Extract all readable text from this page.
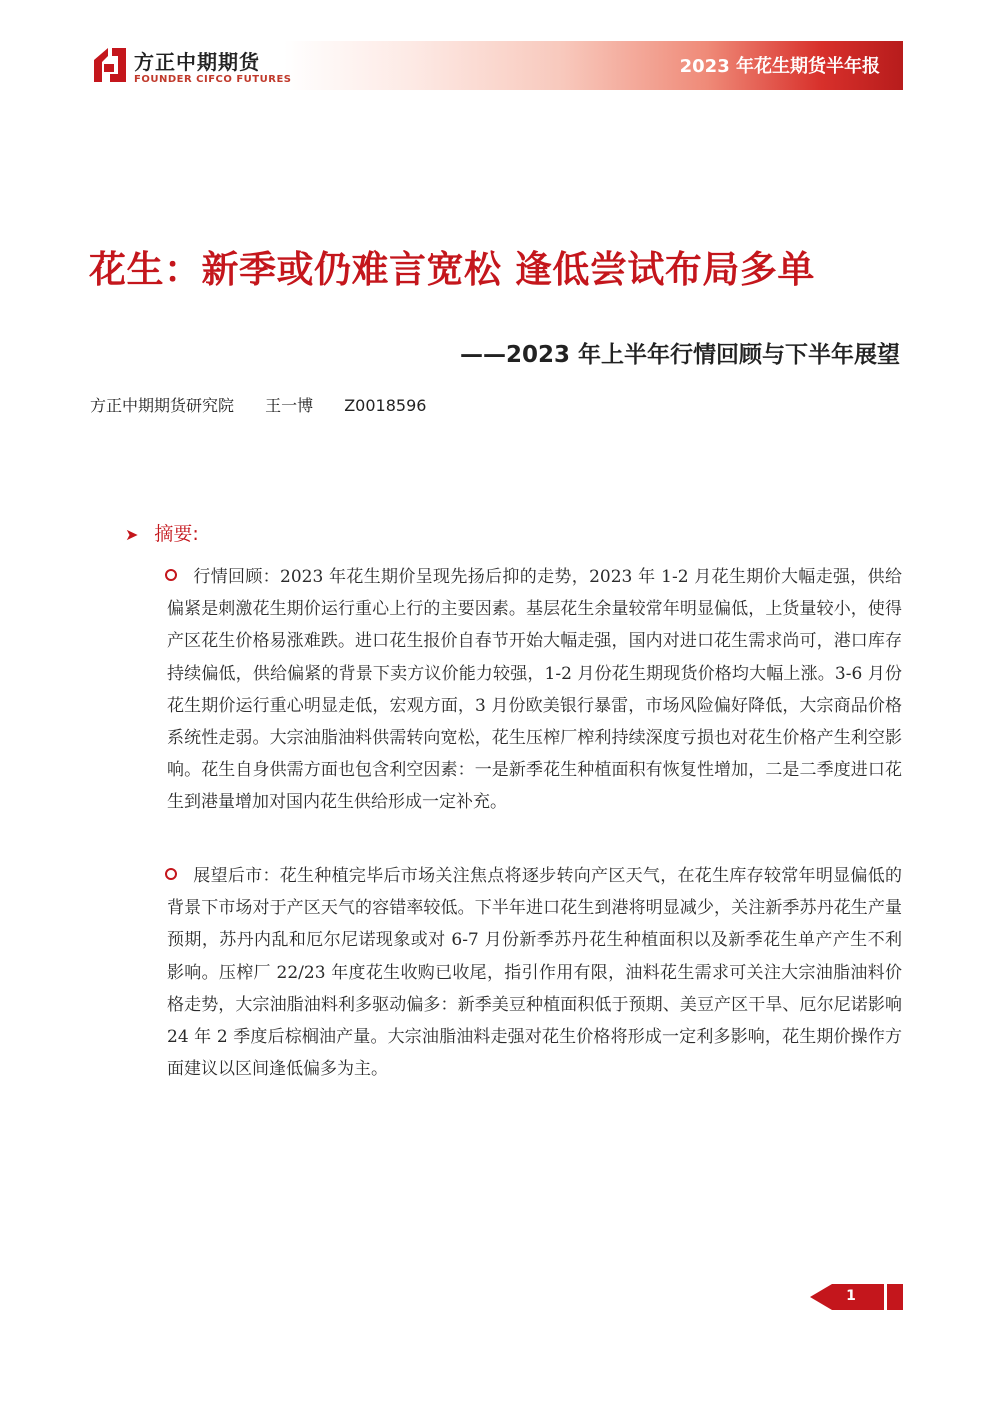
方正中期期货
FOUNDER CIFCO FUTURES
2023 年花生期货半年报
花生：新季或仍难言宽松 逢低尝试布局多单
——2023 年上半年行情回顾与下半年展望
方正中期期货研究院 王一博 Z0018596
➤ 摘要:
行情回顾：2023 年花生期价呈现先扬后抑的走势，2023 年 1-2 月花生期价大幅走强，供给偏紧是刺激花生期价运行重心上行的主要因素。基层花生余量较常年明显偏低，上货量较小，使得产区花生价格易涨难跌。进口花生报价自春节开始大幅走强，国内对进口花生需求尚可，港口库存持续偏低，供给偏紧的背景下卖方议价能力较强，1-2 月份花生期现货价格均大幅上涨。3-6 月份花生期价运行重心明显走低，宏观方面，3 月份欧美银行暴雷，市场风险偏好降低，大宗商品价格系统性走弱。大宗油脂油料供需转向宽松，花生压榨厂榨利持续深度亏损也对花生价格产生利空影响。花生自身供需方面也包含利空因素：一是新季花生种植面积有恢复性增加，二是二季度进口花生到港量增加对国内花生供给形成一定补充。
展望后市：花生种植完毕后市场关注焦点将逐步转向产区天气，在花生库存较常年明显偏低的背景下市场对于产区天气的容错率较低。下半年进口花生到港将明显减少，关注新季苏丹花生产量预期，苏丹内乱和厄尔尼诺现象或对 6-7 月份新季苏丹花生种植面积以及新季花生单产产生不利影响。压榨厂 22/23 年度花生收购已收尾，指引作用有限，油料花生需求可关注大宗油脂油料价格走势，大宗油脂油料利多驱动偏多：新季美豆种植面积低于预期、美豆产区干旱、厄尔尼诺影响 24 年 2 季度后棕榈油产量。大宗油脂油料走强对花生价格将形成一定利多影响，花生期价操作方面建议以区间逢低偏多为主。
1
